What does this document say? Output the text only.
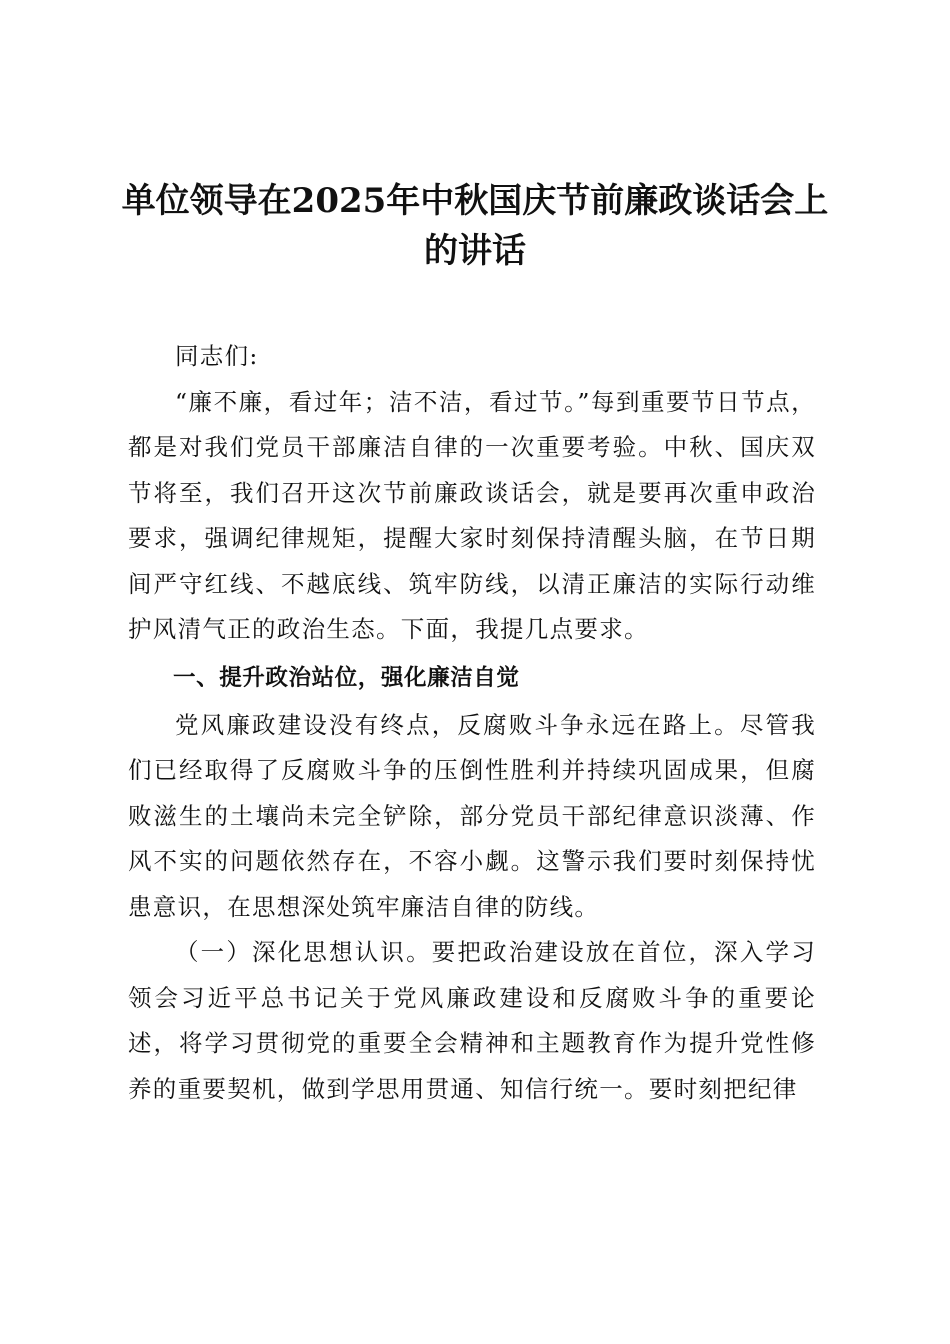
单位领导在2025年中秋国庆节前廉政谈话会上的讲话

同志们:

“廉不廉，看过年；洁不洁，看过节。”每到重要节日节点，都是对我们党员干部廉洁自律的一次重要考验。中秋、国庆双节将至，我们召开这次节前廉政谈话会，就是要再次重申政治要求，强调纪律规矩，提醒大家时刻保持清醒头脑，在节日期间严守红线、不越底线、筑牢防线，以清正廉洁的实际行动维护风清气正的政治生态。下面，我提几点要求。

一、提升政治站位，强化廉洁自觉

党风廉政建设没有终点，反腐败斗争永远在路上。尽管我们已经取得了反腐败斗争的压倒性胜利并持续巩固成果，但腐败滋生的土壤尚未完全铲除，部分党员干部纪律意识淡薄、作风不实的问题依然存在，不容小觑。这警示我们要时刻保持忧患意识，在思想深处筑牢廉洁自律的防线。

（一）深化思想认识。要把政治建设放在首位，深入学习领会习近平总书记关于党风廉政建设和反腐败斗争的重要论述，将学习贯彻党的重要全会精神和主题教育作为提升党性修养的重要契机，做到学思用贯通、知信行统一。要时刻把纪律
